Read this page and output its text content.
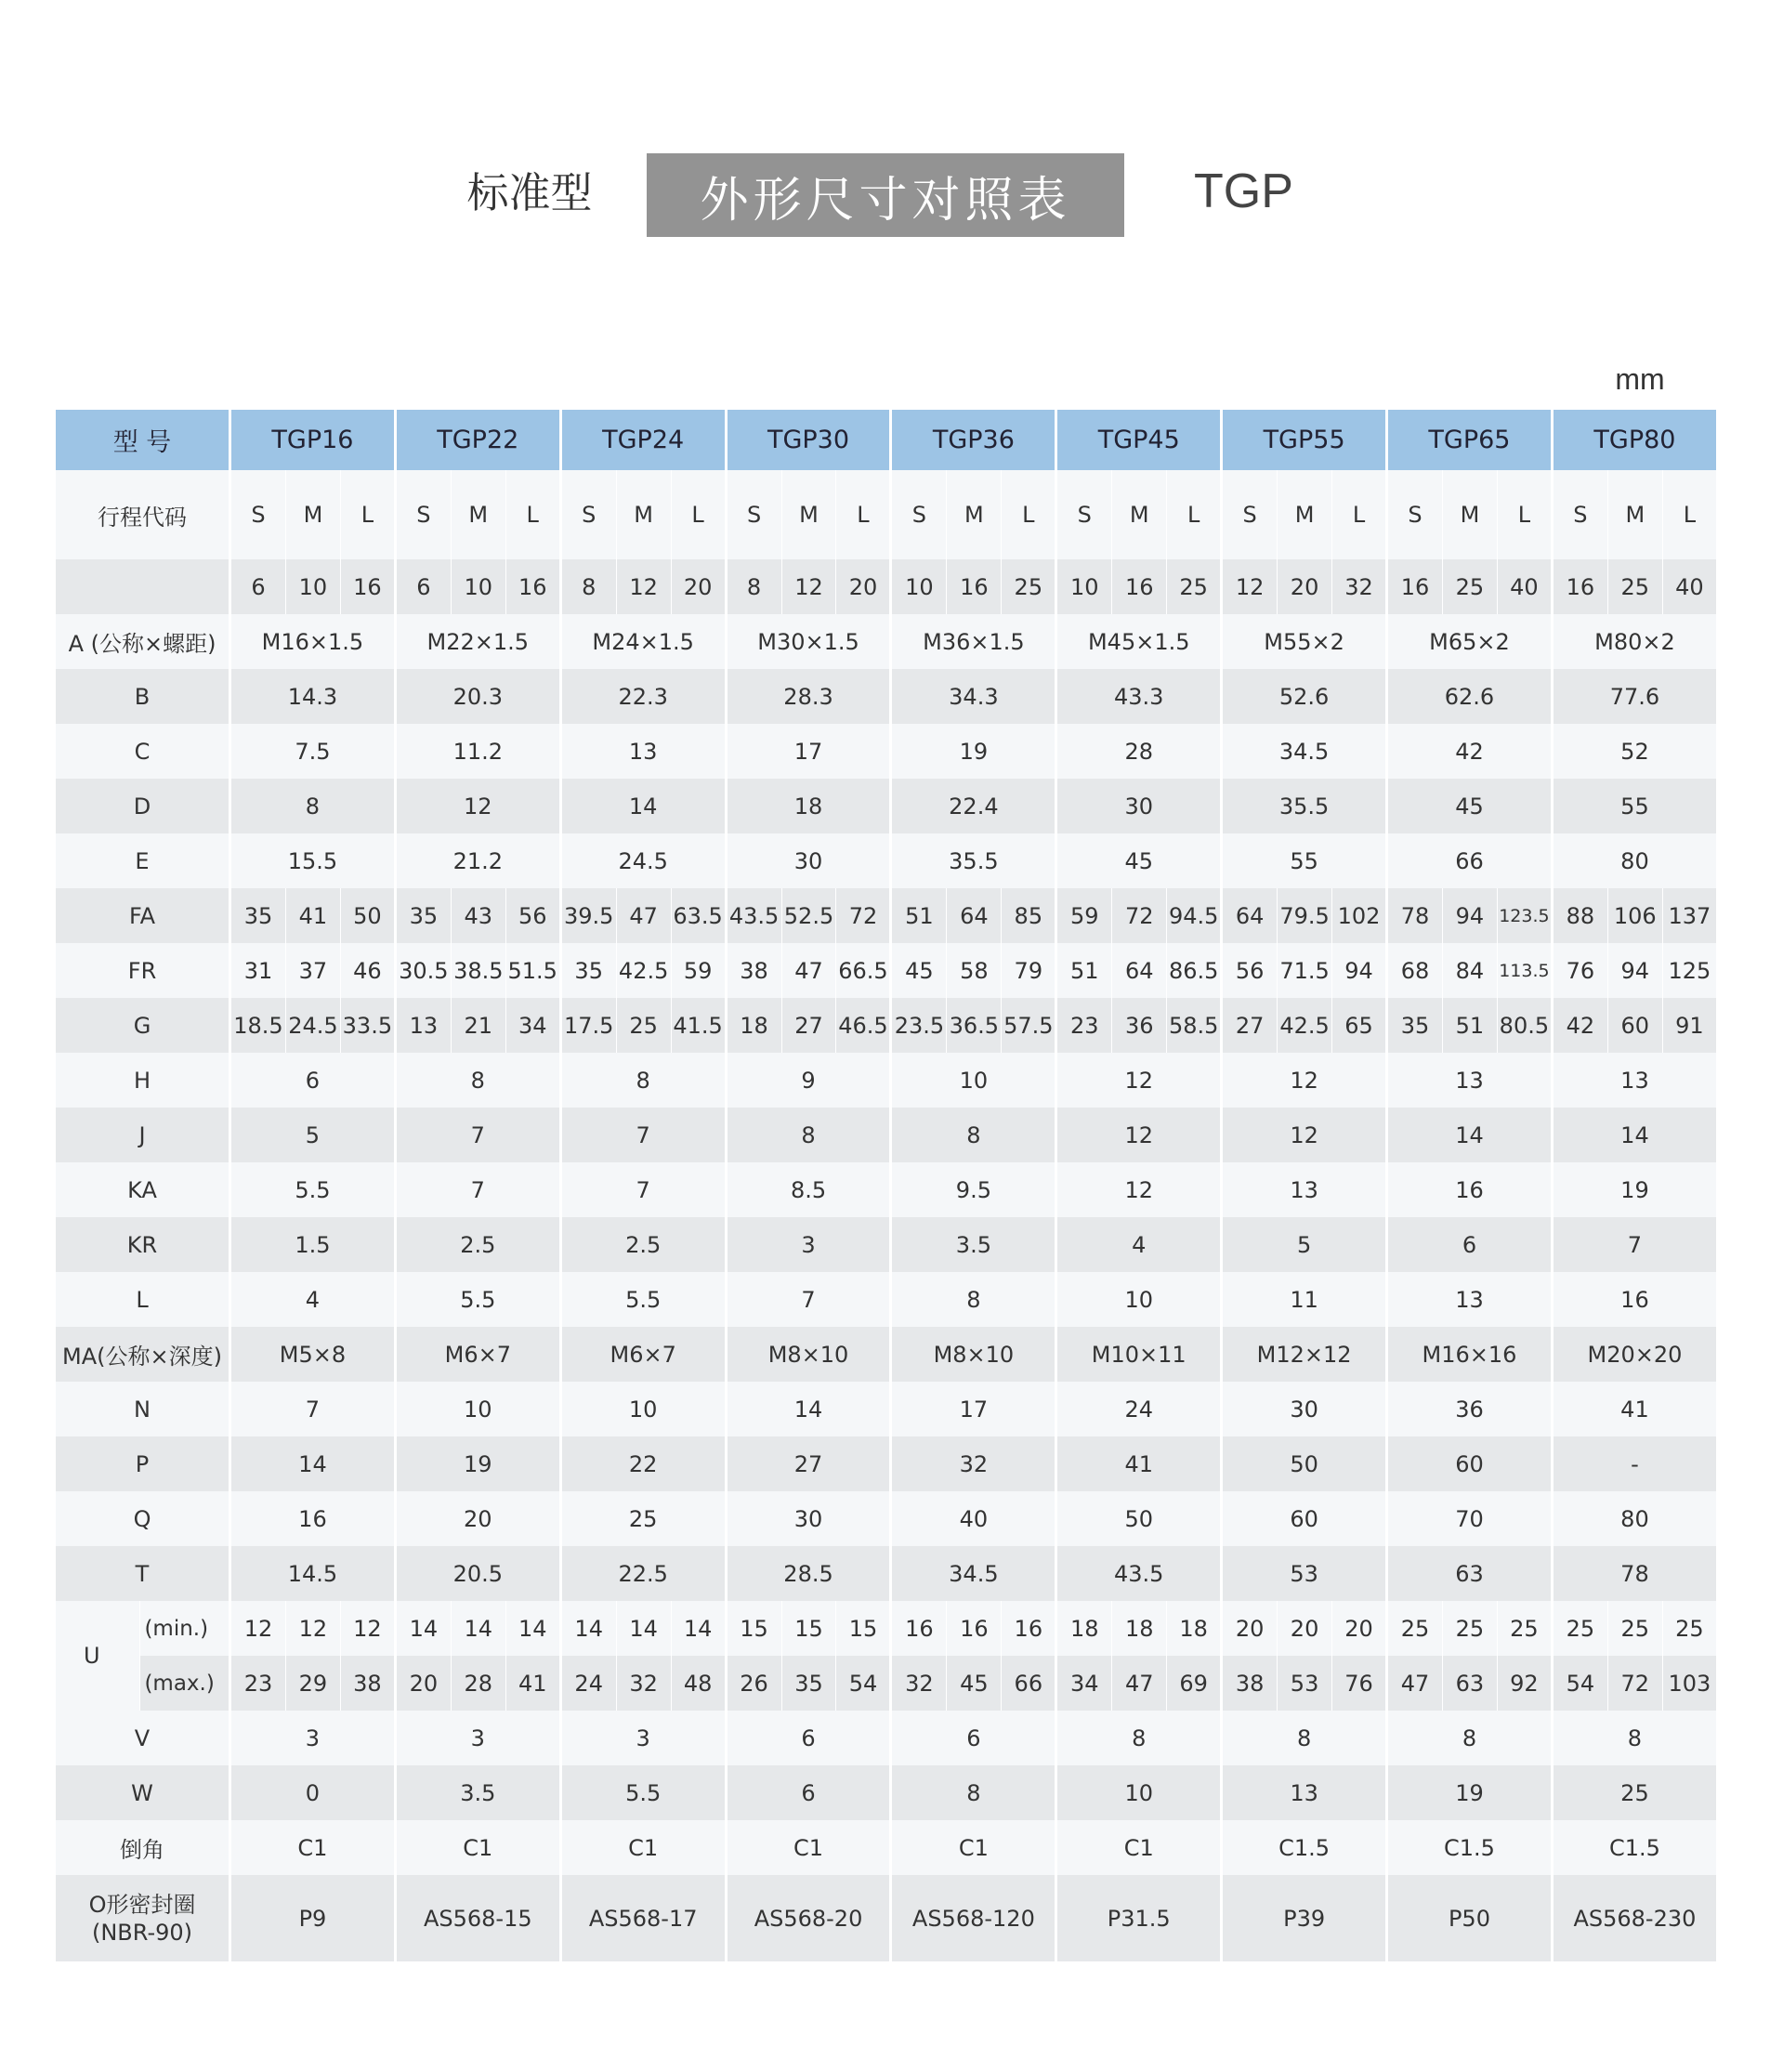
标准型	外形尺寸对照表	TGP
mm
型 号		TGP16			TGP22			TGP24			TGP30			TGP36			TGP45			TGP55			TGP65			TGP80		
行程代码		S	M	L	S	M	L	S	M	L	S	M	L	S	M	L	S	M	L	S	M	L	S	M	L	S	M	L
		6	10	16	6	10	16	8	12	20	8	12	20	10	16	25	10	16	25	12	20	32	16	25	40	16	25	40
A (公称×螺距)		M16×1.5			M22×1.5			M24×1.5			M30×1.5			M36×1.5			M45×1.5			M55×2			M65×2			M80×2		
B		14.3			20.3			22.3			28.3			34.3			43.3			52.6			62.6			77.6		
C		7.5			11.2			13			17			19			28			34.5			42			52		
D		8			12			14			18			22.4			30			35.5			45			55		
E		15.5			21.2			24.5			30			35.5			45			55			66			80		
FA		35	41	50	35	43	56	39.5	47	63.5	43.5	52.5	72	51	64	85	59	72	94.5	64	79.5	102	78	94	123.5	88	106	137
FR		31	37	46	30.5	38.5	51.5	35	42.5	59	38	47	66.5	45	58	79	51	64	86.5	56	71.5	94	68	84	113.5	76	94	125
G		18.5	24.5	33.5	13	21	34	17.5	25	41.5	18	27	46.5	23.5	36.5	57.5	23	36	58.5	27	42.5	65	35	51	80.5	42	60	91
H		6			8			8			9			10			12			12			13			13		
J		5			7			7			8			8			12			12			14			14		
KA		5.5			7			7			8.5			9.5			12			13			16			19		
KR		1.5			2.5			2.5			3			3.5			4			5			6			7		
L		4			5.5			5.5			7			8			10			11			13			16		
MA(公称×深度)		M5×8			M6×7			M6×7			M8×10			M8×10			M10×11			M12×12			M16×16			M20×20		
N		7			10			10			14			17			24			30			36			41		
P		14			19			22			27			32			41			50			60			-		
Q		16			20			25			30			40			50			60			70			80		
T		14.5			20.5			22.5			28.5			34.5			43.5			53			63			78		
U	(min.)	12	12	12	14	14	14	14	14	14	15	15	15	16	16	16	18	18	18	20	20	20	25	25	25	25	25	25
	(max.)	23	29	38	20	28	41	24	32	48	26	35	54	32	45	66	34	47	69	38	53	76	47	63	92	54	72	103
V		3			3			3			6			6			8			8			8			8		
W		0			3.5			5.5			6			8			10			13			19			25		
倒角		C1			C1			C1			C1			C1			C1			C1.5			C1.5			C1.5		

O形密封圈
(NBR-90)		P9			AS568-15			AS568-17			AS568-20			AS568-120			P31.5			P39			P50			AS568-230		
